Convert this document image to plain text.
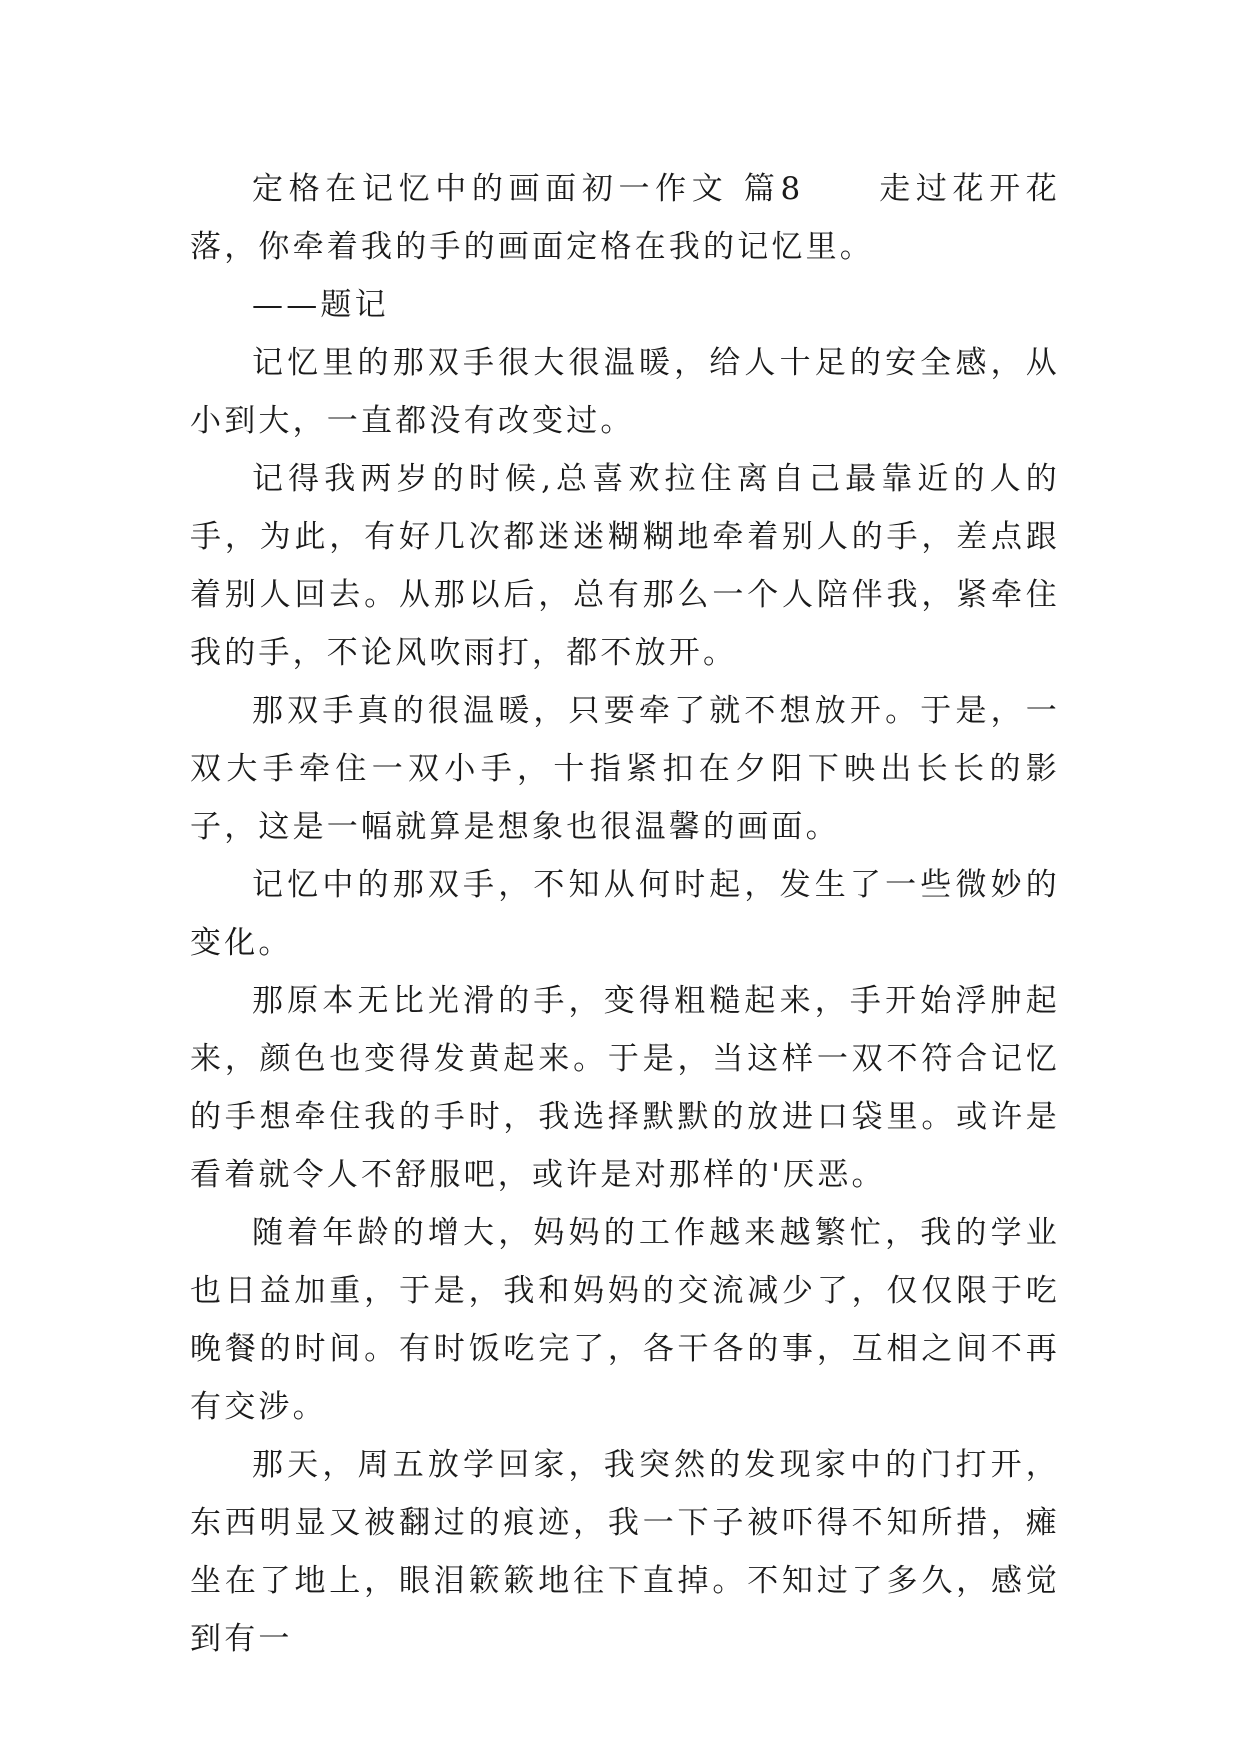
定格在记忆中的画面初一作文 篇8　　走过花开花落，你牵着我的手的画面定格在我的记忆里。

——题记

记忆里的那双手很大很温暖，给人十足的安全感，从小到大，一直都没有改变过。

记得我两岁的时候,总喜欢拉住离自己最靠近的人的手，为此，有好几次都迷迷糊糊地牵着别人的手，差点跟着别人回去。从那以后，总有那么一个人陪伴我，紧牵住我的手，不论风吹雨打，都不放开。

那双手真的很温暖，只要牵了就不想放开。于是，一双大手牵住一双小手，十指紧扣在夕阳下映出长长的影子，这是一幅就算是想象也很温馨的画面。

记忆中的那双手，不知从何时起，发生了一些微妙的变化。

那原本无比光滑的手，变得粗糙起来，手开始浮肿起来，颜色也变得发黄起来。于是，当这样一双不符合记忆的手想牵住我的手时，我选择默默的放进口袋里。或许是看着就令人不舒服吧，或许是对那样的'厌恶。

随着年龄的增大，妈妈的工作越来越繁忙，我的学业也日益加重，于是，我和妈妈的交流减少了，仅仅限于吃晚餐的时间。有时饭吃完了，各干各的事，互相之间不再有交涉。

那天，周五放学回家，我突然的发现家中的门打开，东西明显又被翻过的痕迹，我一下子被吓得不知所措，瘫坐在了地上，眼泪簌簌地往下直掉。不知过了多久，感觉到有一
